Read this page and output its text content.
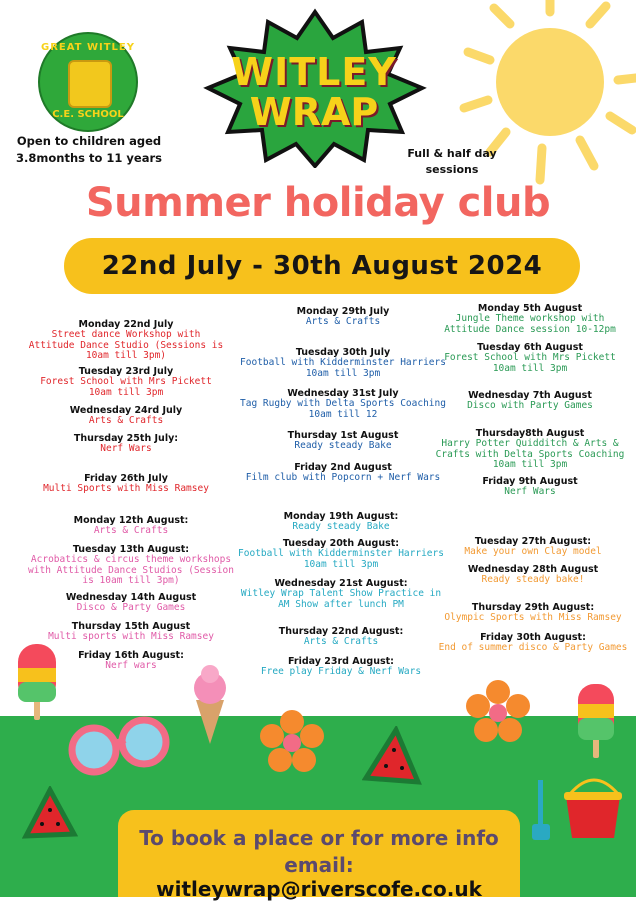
GREAT WITLEY
C.E. SCHOOL
Open to children aged
3.8months to 11 years
WITLEY
WRAP
Full & half day
sessions
Summer holiday club
22nd July - 30th August 2024
Monday 22nd July
Street dance Workshop with Attitude Dance Studio (Sessions is 10am till 3pm)
Tuesday 23rd July
Forest School with Mrs Pickett 10am till 3pm
Wednesday 24rd July
Arts & Crafts
Thursday 25th July:
Nerf Wars
Friday 26th July
Multi Sports with Miss Ramsey
Monday 29th July
Arts & Crafts
Tuesday 30th July
Football with Kidderminster Harriers 10am till 3pm
Wednesday 31st July
Tag Rugby with Delta Sports Coaching 10am till 12
Thursday 1st August
Ready steady Bake
Friday 2nd August
Film club with Popcorn + Nerf Wars
Monday 5th August
Jungle Theme workshop with Attitude Dance session 10-12pm
Tuesday 6th August
Forest School with Mrs Pickett 10am till 3pm
Wednesday 7th August
Disco with Party Games
Thursday8th August
Harry Potter Quidditch & Arts & Crafts with Delta Sports Coaching 10am till 3pm
Friday 9th August
Nerf Wars
Monday 12th August:
Arts & Crafts
Tuesday 13th August:
Acrobatics & circus theme workshops with Attitude Dance Studios (Session is 10am till 3pm)
Wednesday 14th August
Disco & Party Games
Thursday 15th August
Multi sports with Miss Ramsey
Friday 16th August:
Nerf wars
Monday 19th August:
Ready steady Bake
Tuesday 20th August:
Football with Kidderminster Harriers 10am till 3pm
Wednesday 21st August:
Witley Wrap Talent Show Practice in AM Show after lunch PM
Thursday 22nd August:
Arts & Crafts
Friday 23rd August:
Free play Friday & Nerf Wars
Tuesday 27th August:
Make your own Clay model
Wednesday 28th August
Ready steady bake!
Thursday 29th August:
Olympic Sports with Miss Ramsey
Friday 30th August:
End of summer disco & Party Games
To book a place or for more info
email: witleywrap@riverscofe.co.uk
